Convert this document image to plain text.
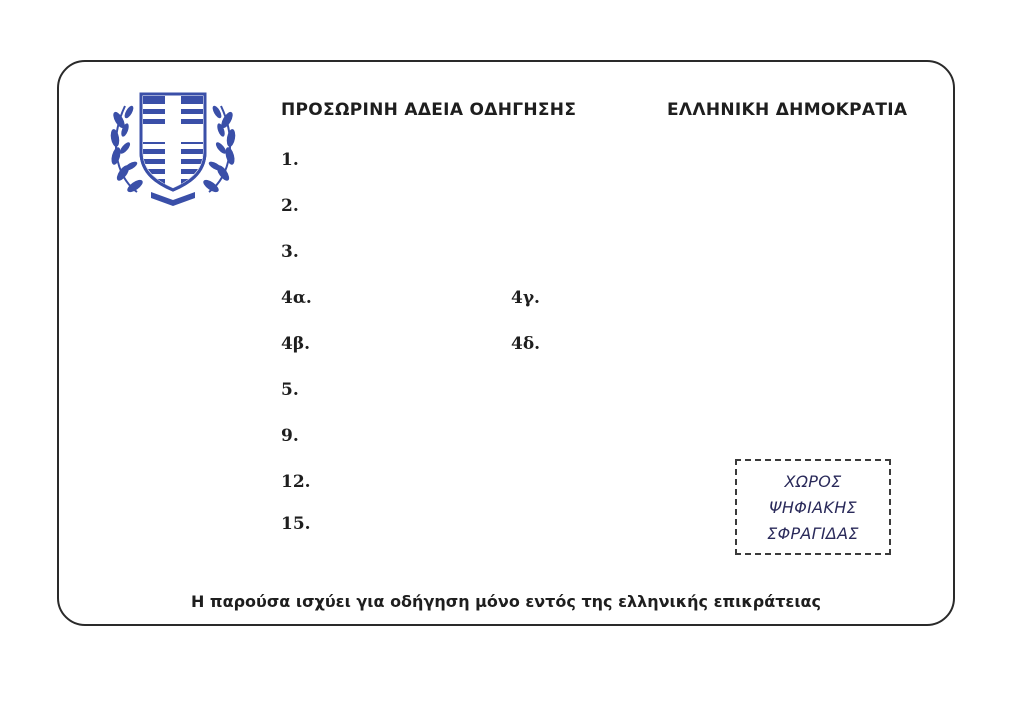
ΠΡΟΣΩΡΙΝΗ ΑΔΕΙΑ ΟΔΗΓΗΣΗΣ	ΕΛΛΗΝΙΚΗ ΔΗΜΟΚΡΑΤΙΑ
1.
2.
3.
4α.	4γ.
4β.	4δ.
5.
9.
12.
15.
ΧΩΡΟΣ
ΨΗΦΙΑΚΗΣ
ΣΦΡΑΓΙΔΑΣ
Η παρούσα ισχύει για οδήγηση μόνο εντός της ελληνικής επικράτειας
